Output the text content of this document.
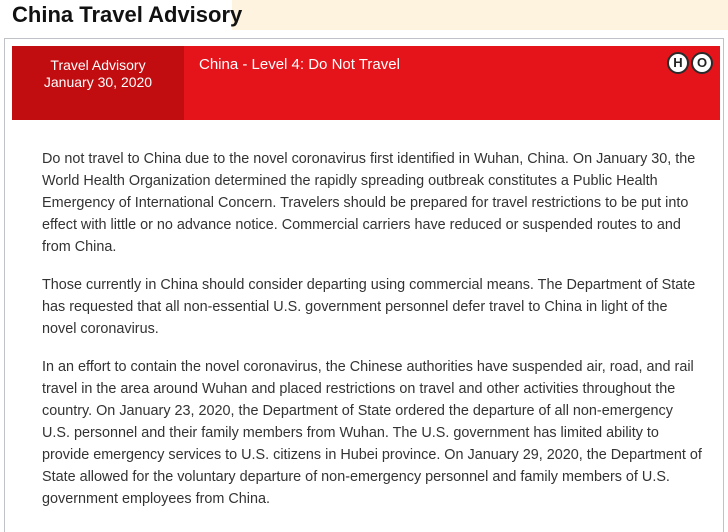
China Travel Advisory
Travel Advisory
January 30, 2020
China - Level 4: Do Not Travel	H	O

Do not travel to China due to the novel coronavirus first identified in Wuhan, China. On January 30, the World Health Organization determined the rapidly spreading outbreak constitutes a Public Health Emergency of International Concern. Travelers should be prepared for travel restrictions to be put into effect with little or no advance notice. Commercial carriers have reduced or suspended routes to and from China.

Those currently in China should consider departing using commercial means. The Department of State has requested that all non-essential U.S. government personnel defer travel to China in light of the novel coronavirus.

In an effort to contain the novel coronavirus, the Chinese authorities have suspended air, road, and rail travel in the area around Wuhan and placed restrictions on travel and other activities throughout the country. On January 23, 2020, the Department of State ordered the departure of all non-emergency U.S. personnel and their family members from Wuhan. The U.S. government has limited ability to provide emergency services to U.S. citizens in Hubei province. On January 29, 2020, the Department of State allowed for the voluntary departure of non-emergency personnel and family members of U.S. government employees from China.
